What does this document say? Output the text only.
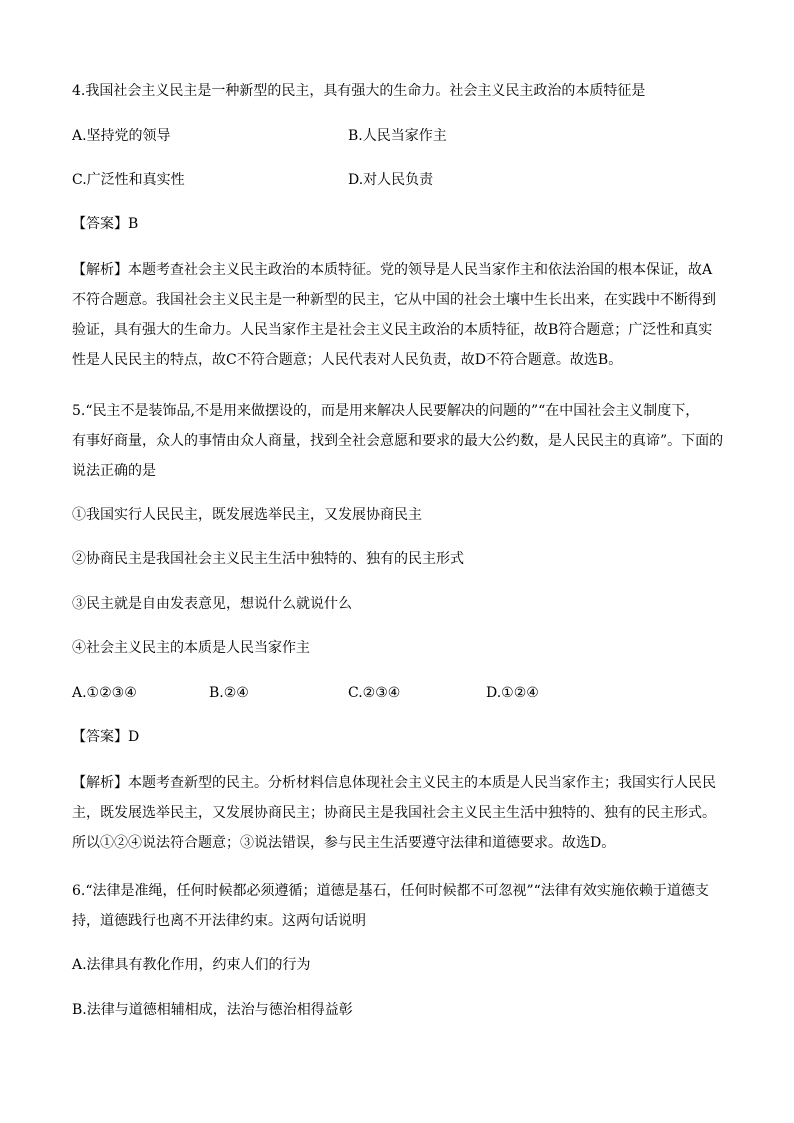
4.我国社会主义民主是一种新型的民主，具有强大的生命力。社会主义民主政治的本质特征是
A.坚持党的领导	B.人民当家作主
C.广泛性和真实性	D.对人民负责
【答案】B
【解析】本题考查社会主义民主政治的本质特征。党的领导是人民当家作主和依法治国的根本保证，故A
不符合题意。我国社会主义民主是一种新型的民主，它从中国的社会土壤中生长出来，在实践中不断得到
验证，具有强大的生命力。人民当家作主是社会主义民主政治的本质特征，故B符合题意；广泛性和真实
性是人民民主的特点，故C不符合题意；人民代表对人民负责，故D不符合题意。故选B。
5.“民主不是装饰品,不是用来做摆设的，而是用来解决人民要解决的问题的”“在中国社会主义制度下，
有事好商量，众人的事情由众人商量，找到全社会意愿和要求的最大公约数，是人民民主的真谛”。下面的
说法正确的是
①我国实行人民民主，既发展选举民主，又发展协商民主
②协商民主是我国社会主义民主生活中独特的、独有的民主形式
③民主就是自由发表意见，想说什么就说什么
④社会主义民主的本质是人民当家作主
A.①②③④	B.②④	C.②③④	D.①②④
【答案】D
【解析】本题考查新型的民主。分析材料信息体现社会主义民主的本质是人民当家作主；我国实行人民民
主，既发展选举民主，又发展协商民主；协商民主是我国社会主义民主生活中独特的、独有的民主形式。
所以①②④说法符合题意；③说法错误，参与民主生活要遵守法律和道德要求。故选D。
6.“法律是准绳，任何时候都必须遵循；道德是基石，任何时候都不可忽视”“法律有效实施依赖于道德支
持，道德践行也离不开法律约束。这两句话说明
A.法律具有教化作用，约束人们的行为
B.法律与道德相辅相成，法治与德治相得益彰
